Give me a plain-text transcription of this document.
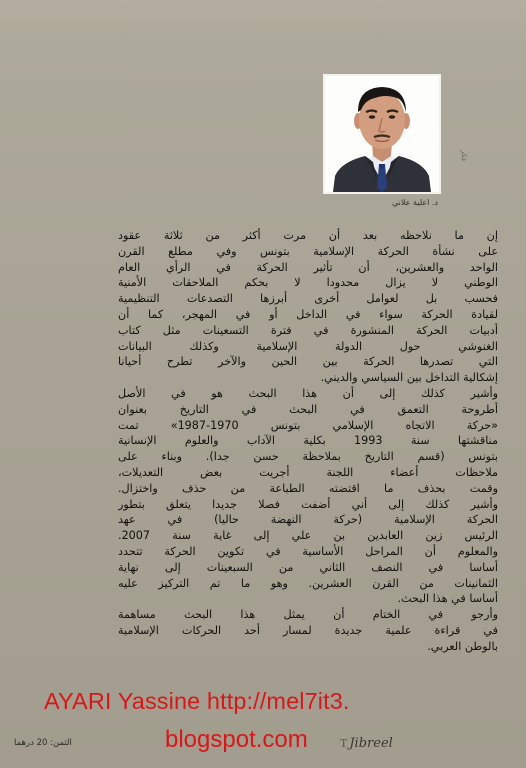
د. اعلية علاني
فكر
إن ما نلاحظه بعد أن مرت أكثر من ثلاثة عقود
على نشأة الحركة الإسلامية بتونس وفي مطلع القرن
الواحد والعشرين، أن تأثير الحركة في الرأي العام
الوطني لا يزال محدودا لا بحكم الملاحقات الأمنية
فحسب بل لعوامل أخرى أبرزها التصدعات التنظيمية
لقيادة الحركة سواء في الداخل أو في المهجر، كما أن
أدبيات الحركة المنشورة في فترة التسعينات مثل كتاب
الغنوشي حول الدولة الإسلامية وكذلك البيانات
التي تصدرها الحركة بين الحين والآخر تطرح أحيانا
إشكالية التداخل بين السياسي والديني.
وأشير كذلك إلى أن هذا البحث هو في الأصل
أطروحة التعمق في البحث في التاريخ بعنوان
«حركة الاتجاه الإسلامي بتونس 1970-1987» تمت
مناقشتها سنة 1993 بكلية الآداب والعلوم الإنسانية
بتونس (قسم التاريخ بملاحظة حسن جدا). وبناء على
ملاحظات أعضاء اللجنة أجريت بعض التعديلات،
وقمت بحذف ما اقتضته الطباعة من حذف واختزال.
وأشير كذلك إلى أني أضفت فصلا جديدا يتعلق بتطور
الحركة الإسلامية (حركة النهضة حاليا) في عهد
الرئيس زين العابدين بن علي إلى غاية سنة 2007.
والمعلوم أن المراحل الأساسية في تكوين الحركة تتحدد
أساسا في النصف الثاني من السبعينات إلى نهاية
الثمانينات من القرن العشرين. وهو ما تم التركيز عليه
أساسا في هذا البحث.
وأرجو في الختام أن يمثل هذا البحث مساهمة
في قراءة علمية جديدة لمسار أحد الحركات الإسلامية
بالوطن العربي.
AYARI Yassine http://mel7it3.
blogspot.com
الثمن: 20 درهما	T Jibreel
